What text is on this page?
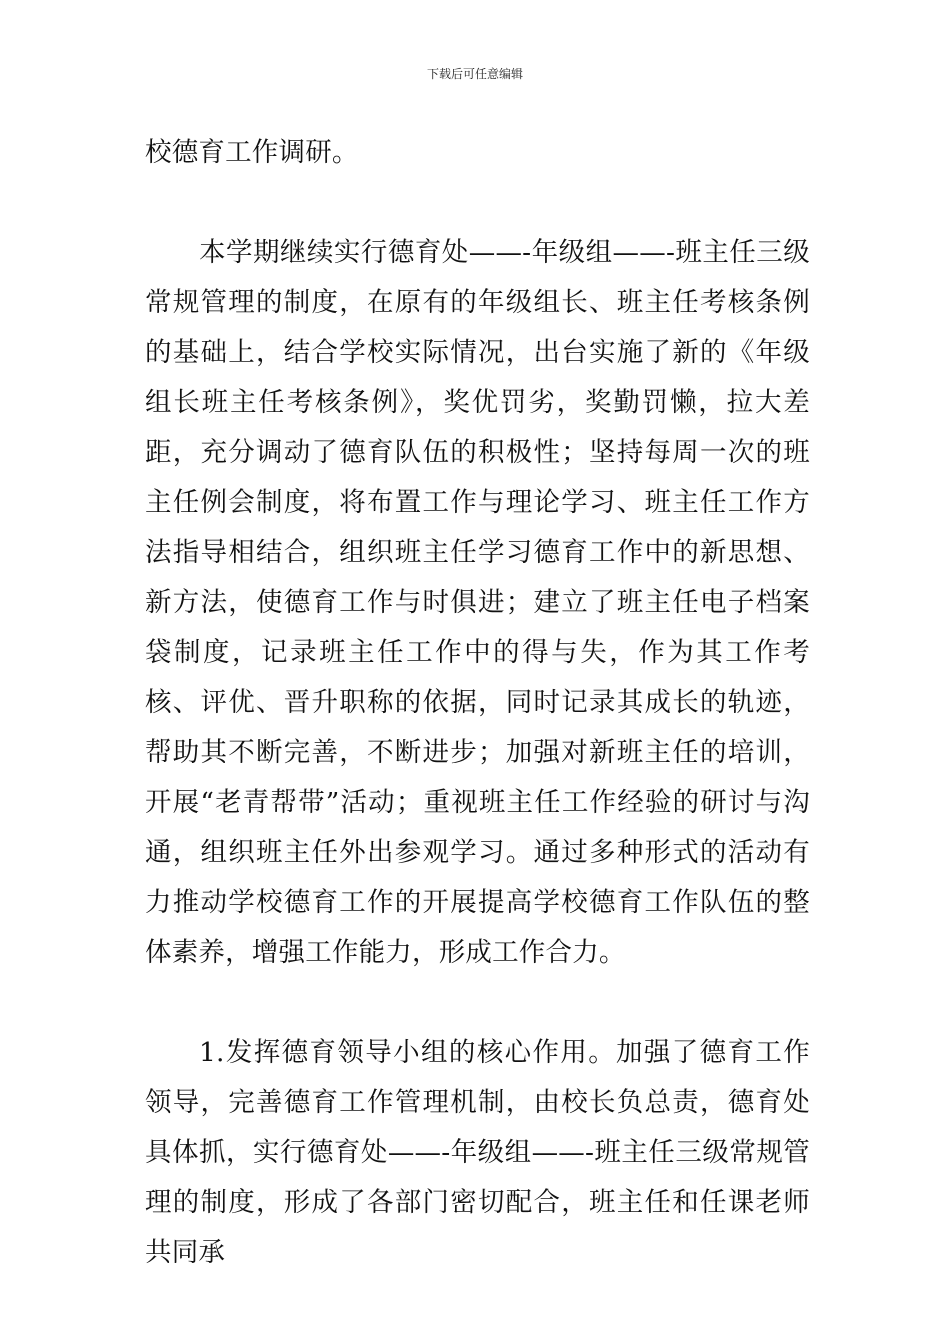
下载后可任意编辑

校德育工作调研。

本学期继续实行德育处——-年级组——-班主任三级常规管理的制度，在原有的年级组长、班主任考核条例的基础上，结合学校实际情况，出台实施了新的《年级组长班主任考核条例》，奖优罚劣，奖勤罚懒，拉大差距，充分调动了德育队伍的积极性；坚持每周一次的班主任例会制度，将布置工作与理论学习、班主任工作方法指导相结合，组织班主任学习德育工作中的新思想、新方法，使德育工作与时俱进；建立了班主任电子档案袋制度，记录班主任工作中的得与失，作为其工作考核、评优、晋升职称的依据，同时记录其成长的轨迹，帮助其不断完善，不断进步；加强对新班主任的培训，开展“老青帮带”活动；重视班主任工作经验的研讨与沟通，组织班主任外出参观学习。通过多种形式的活动有力推动学校德育工作的开展提高学校德育工作队伍的整体素养，增强工作能力，形成工作合力。

1.发挥德育领导小组的核心作用。加强了德育工作领导，完善德育工作管理机制，由校长负总责，德育处具体抓，实行德育处——-年级组——-班主任三级常规管理的制度，形成了各部门密切配合，班主任和任课老师共同承
